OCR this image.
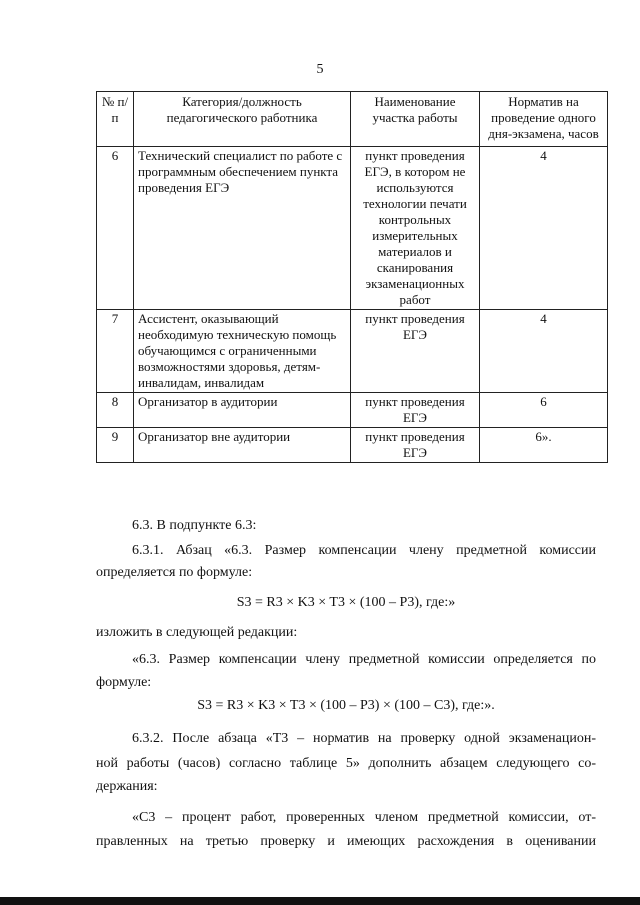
5
№ п/п	Категория/должность педагогического работника	Наименование участка работы	Норматив на проведение одного дня-экзамена, часов
6	Технический специалист по работе с программным обеспечением пункта проведения ЕГЭ	пункт проведения ЕГЭ, в котором не используются технологии печати контрольных измерительных материалов и сканирования экзаменационных работ	4
7	Ассистент, оказывающий необходимую техническую помощь обучающимся с ограниченными возможностями здоровья, детям-инвалидам, инвалидам	пункт проведения ЕГЭ	4
8	Организатор в аудитории	пункт проведения ЕГЭ	6
9	Организатор вне аудитории	пункт проведения ЕГЭ	6».
6.3. В подпункте 6.3:
6.3.1. Абзац «6.3. Размер компенсации члену предметной комиссии
определяется по формуле:
S3 = R3 × K3 × T3 × (100 – P3), где:»
изложить в следующей редакции:
«6.3. Размер компенсации члену предметной комиссии определяется по
формуле:
S3 = R3 × K3 × T3 × (100 – P3) × (100 – C3), где:».
6.3.2. После абзаца «T3 – норматив на проверку одной экзаменацион-
ной работы (часов) согласно таблице 5» дополнить абзацем следующего со-
держания:
«C3 – процент работ, проверенных членом предметной комиссии, от-
правленных на третью проверку и имеющих расхождения в оценивании
